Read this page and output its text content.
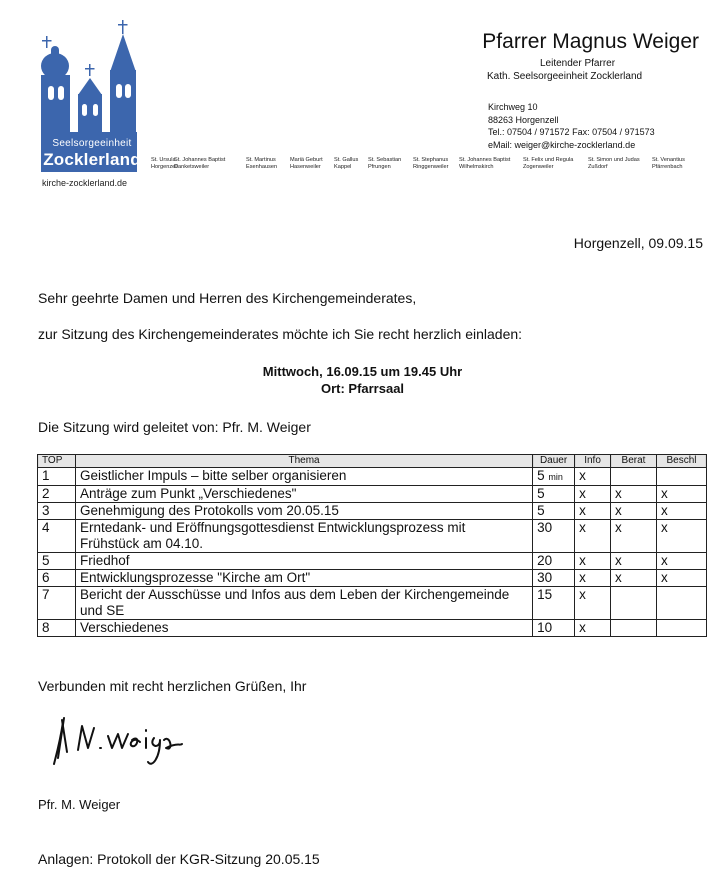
Seelsorgeeinheit
Zocklerland
kirche-zocklerland.de
St. Ursula
Horgenzell
St. Johannes Baptist
Danketsweiler
St. Martinus
Esenhausen
Mariä Geburt
Hasenweiler
St. Gallus
Kappel
St. Sebastian
Pfrungen
St. Stephanus
Ringgenweiler
St. Johannes Baptist
Wilhelmskirch
St. Felix und Regula
Zogenweiler
St. Simon und Judas
Zußdorf
St. Venantius
Pfärrenbach
Pfarrer Magnus Weiger
Leitender Pfarrer
Kath. Seelsorgeeinheit Zocklerland
Kirchweg 10
88263 Horgenzell
Tel.: 07504 / 971572 Fax: 07504 / 971573
eMail: weiger@kirche-zocklerland.de
Horgenzell, 09.09.15
Sehr geehrte Damen und Herren des Kirchengemeinderates,
zur Sitzung des Kirchengemeinderates möchte ich Sie recht herzlich einladen:
Mittwoch, 16.09.15 um 19.45 Uhr
Ort: Pfarrsaal
Die Sitzung wird geleitet von: Pfr. M. Weiger
TOP	Thema	Dauer	Info	Berat	Beschl
1	Geistlicher Impuls – bitte selber organisieren	5 min	x		
2	Anträge zum Punkt „Verschiedenes"	5	x	x	x
3	Genehmigung des Protokolls vom 20.05.15	5	x	x	x
4	Erntedank- und Eröffnungsgottesdienst Entwicklungsprozess mit Frühstück am 04.10.	30	x	x	x
5	Friedhof	20	x	x	x
6	Entwicklungsprozesse "Kirche am Ort"	30	x	x	x
7	Bericht der Ausschüsse und Infos aus dem Leben der Kirchengemeinde und SE	15	x		
8	Verschiedenes	10	x		
Verbunden mit recht herzlichen Grüßen, Ihr
Pfr. M. Weiger
Anlagen: Protokoll der KGR-Sitzung 20.05.15
